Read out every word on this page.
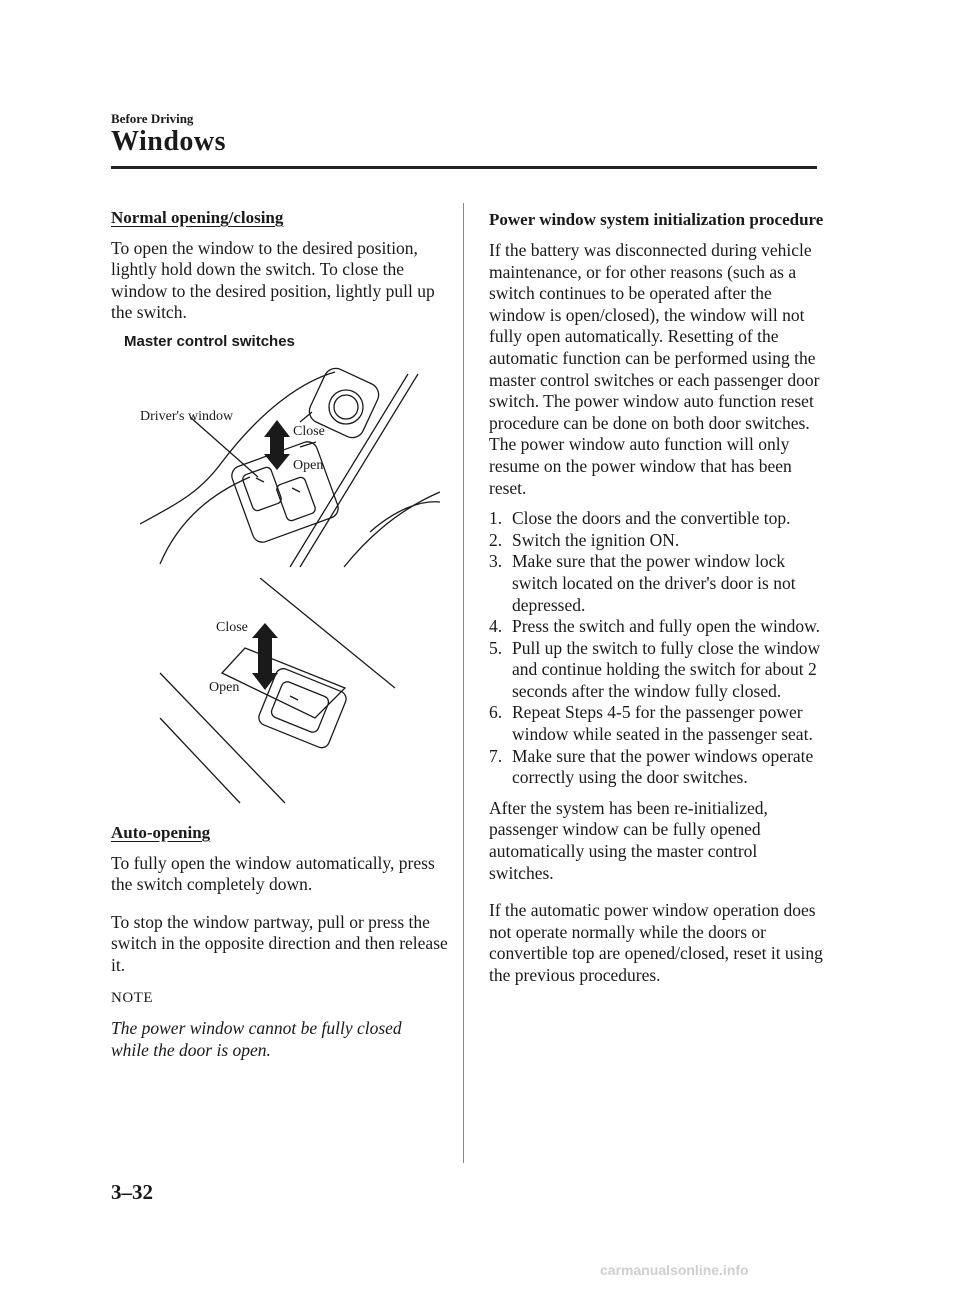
Before Driving
Windows
Normal opening/closing

To open the window to the desired position, lightly hold down the switch. To close the window to the desired position, lightly pull up the switch.

Master control switches
Driver's window
Close
Open
Close
Open
Auto-opening

To fully open the window automatically, press the switch completely down.

To stop the window partway, pull or press the switch in the opposite direction and then release it.

NOTE

The power window cannot be fully closed while the door is open.

Power window system initialization procedure

If the battery was disconnected during vehicle maintenance, or for other reasons (such as a switch continues to be operated after the window is open/closed), the window will not fully open automatically. Resetting of the automatic function can be performed using the master control switches or each passenger door switch. The power window auto function reset procedure can be done on both door switches. The power window auto function will only resume on the power window that has been reset.

1. Close the doors and the convertible top.
2. Switch the ignition ON.
3. Make sure that the power window lock switch located on the driver's door is not depressed.
4. Press the switch and fully open the window.
5. Pull up the switch to fully close the window and continue holding the switch for about 2 seconds after the window fully closed.
6. Repeat Steps 4-5 for the passenger power window while seated in the passenger seat.
7. Make sure that the power windows operate correctly using the door switches.

After the system has been re-initialized, passenger window can be fully opened automatically using the master control switches.

If the automatic power window operation does not operate normally while the doors or convertible top are opened/closed, reset it using the previous procedures.

3–32
carmanualsonline.info
